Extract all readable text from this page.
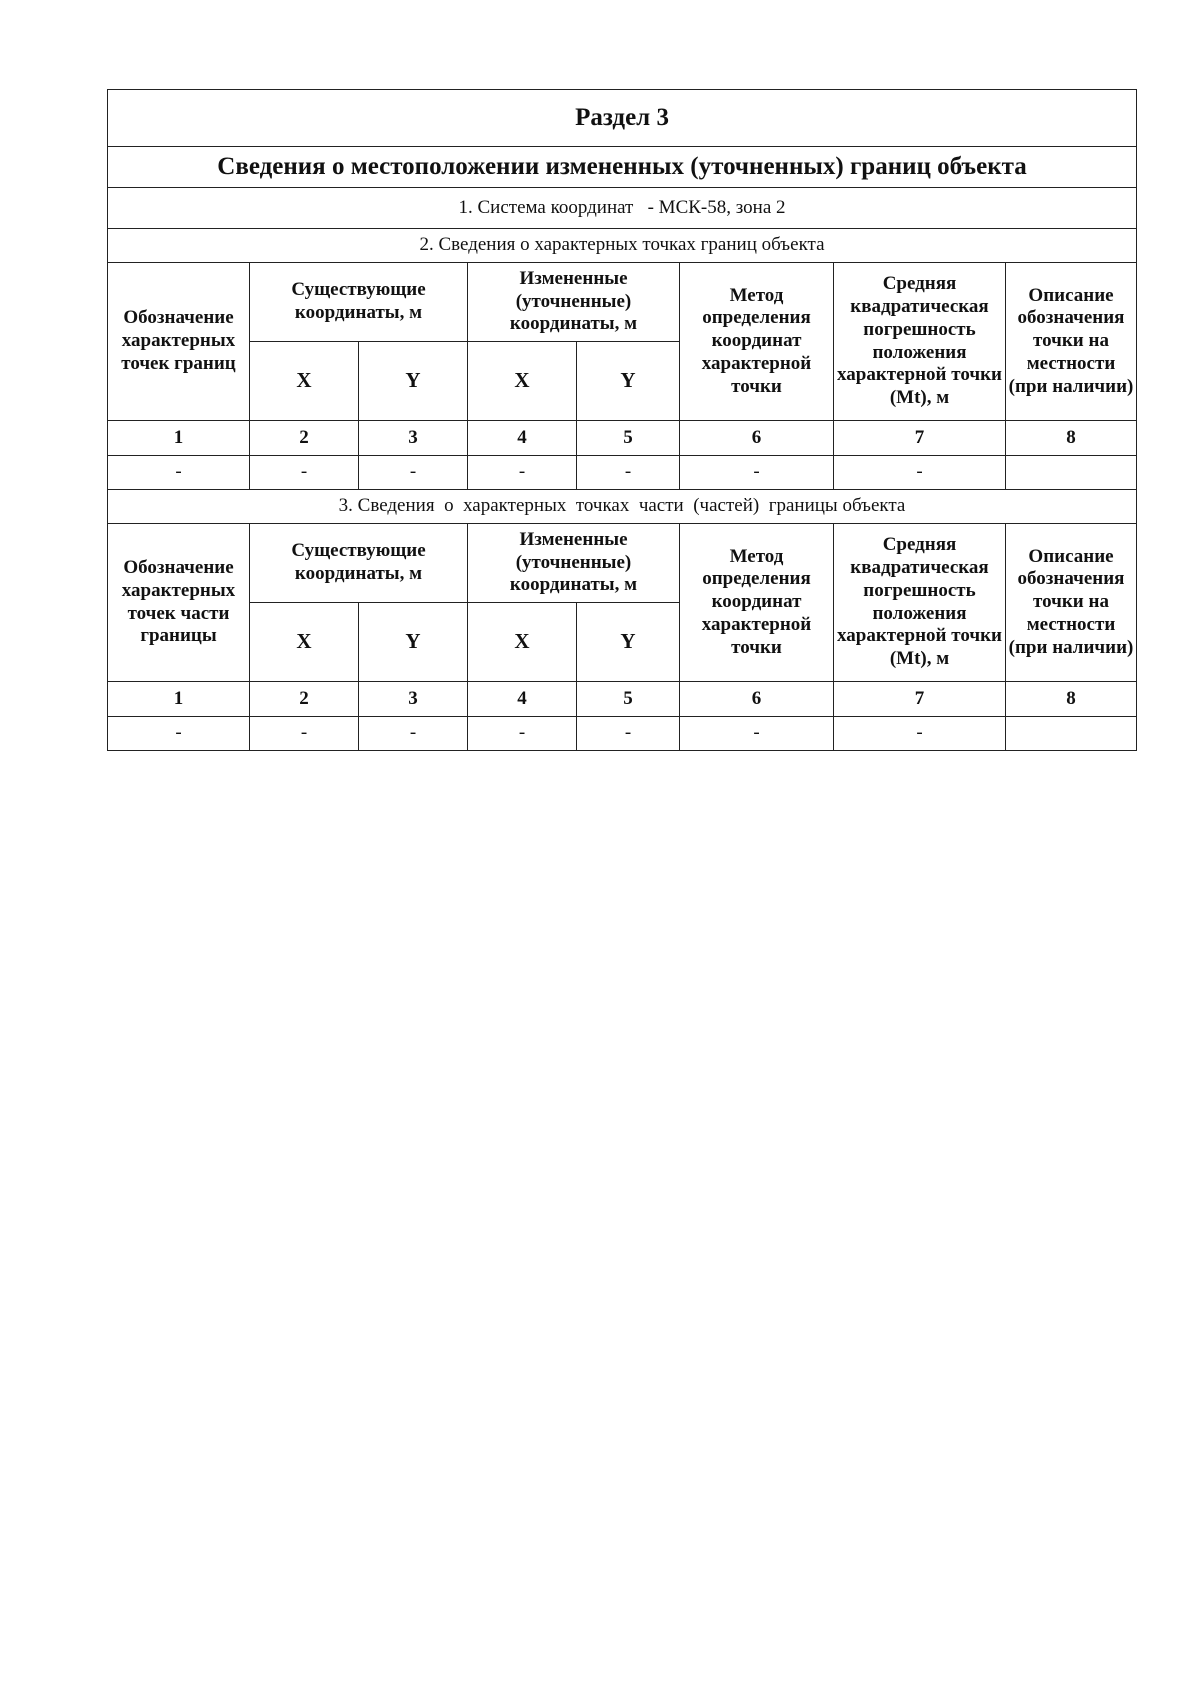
Раздел 3							
Сведения о местоположении измененных (уточненных) границ объекта							
1. Система координат - МСК-58, зона 2							
2. Сведения о характерных точках границ объекта							

Обозначение характерных точек границ	Существующие координаты, м		Измененные (уточненные) координаты, м		Метод определения координат характерной точки	Средняя квадратическая погрешность положения характерной точки (Mt), м	Описание обозначения точки на местности (при наличии)

	X	Y	X	Y			
1	2	3	4	5	6	7	8
-	-	-	-	-	-	-	
3. Сведения  о  характерных  точках  части  (частей)  границы объекта							

Обозначение характерных точек части границы	Существующие координаты, м		Измененные (уточненные) координаты, м		Метод определения координат характерной точки	Средняя квадратическая погрешность положения характерной точки (Mt), м	Описание обозначения точки на местности (при наличии)

	X	Y	X	Y			
1	2	3	4	5	6	7	8
-	-	-	-	-	-	-	
